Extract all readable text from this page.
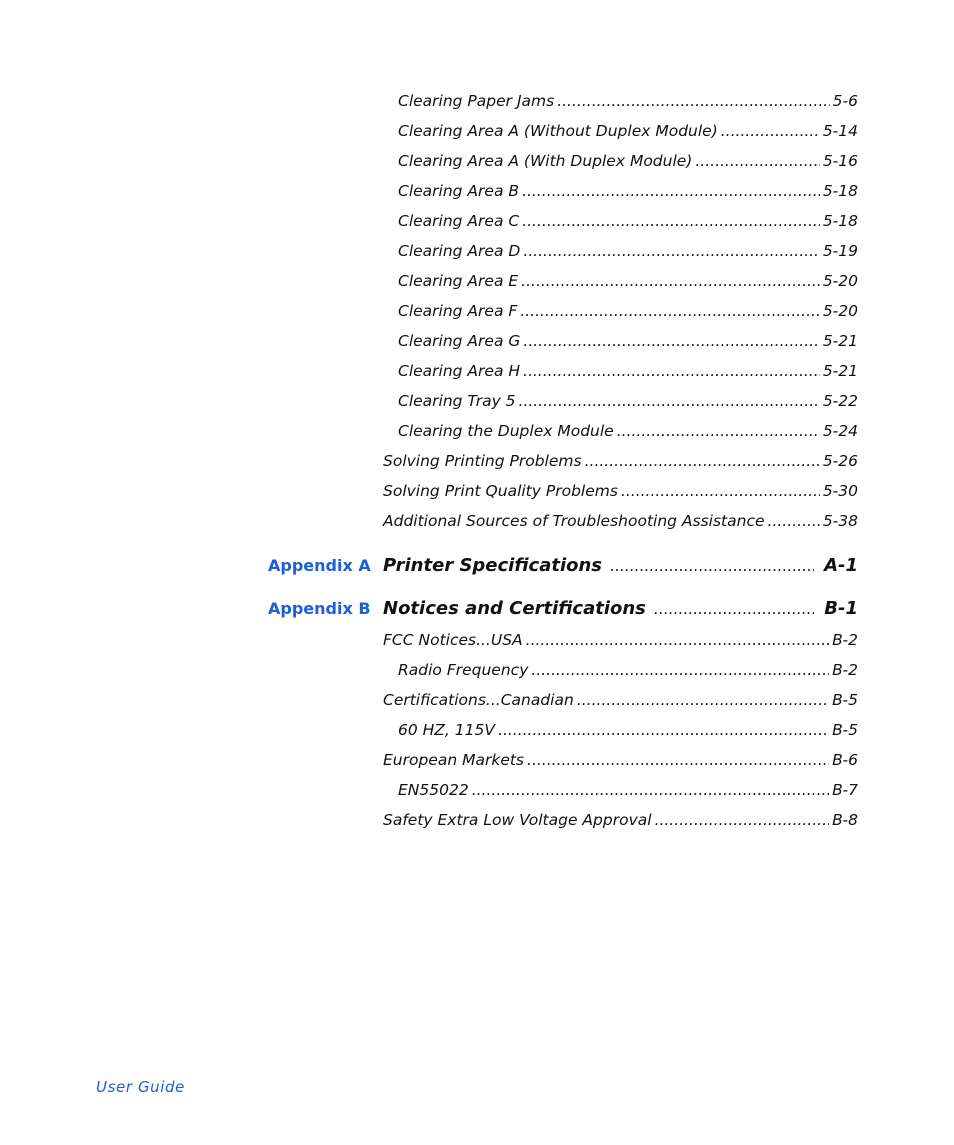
Clearing Paper Jams .....	5-6
Clearing Area A (Without Duplex Module) .....	5-14
Clearing Area A (With Duplex Module) .....	5-16
Clearing Area B .....	5-18
Clearing Area C .....	5-18
Clearing Area D .....	5-19
Clearing Area E .....	5-20
Clearing Area F .....	5-20
Clearing Area G .....	5-21
Clearing Area H .....	5-21
Clearing Tray 5 .....	5-22
Clearing the Duplex Module .....	5-24
Solving Printing Problems .....	5-26
Solving Print Quality Problems .....	5-30
Additional Sources of Troubleshooting Assistance .....	5-38
Appendix A Printer Specifications .....	A-1
Appendix B Notices and Certifications .....	B-1
FCC Notices...USA .....	B-2
Radio Frequency .....	B-2
Certifications...Canadian .....	B-5
60 HZ, 115V .....	B-5
European Markets .....	B-6
EN55022 .....	B-7
Safety Extra Low Voltage Approval .....	B-8
User Guide
